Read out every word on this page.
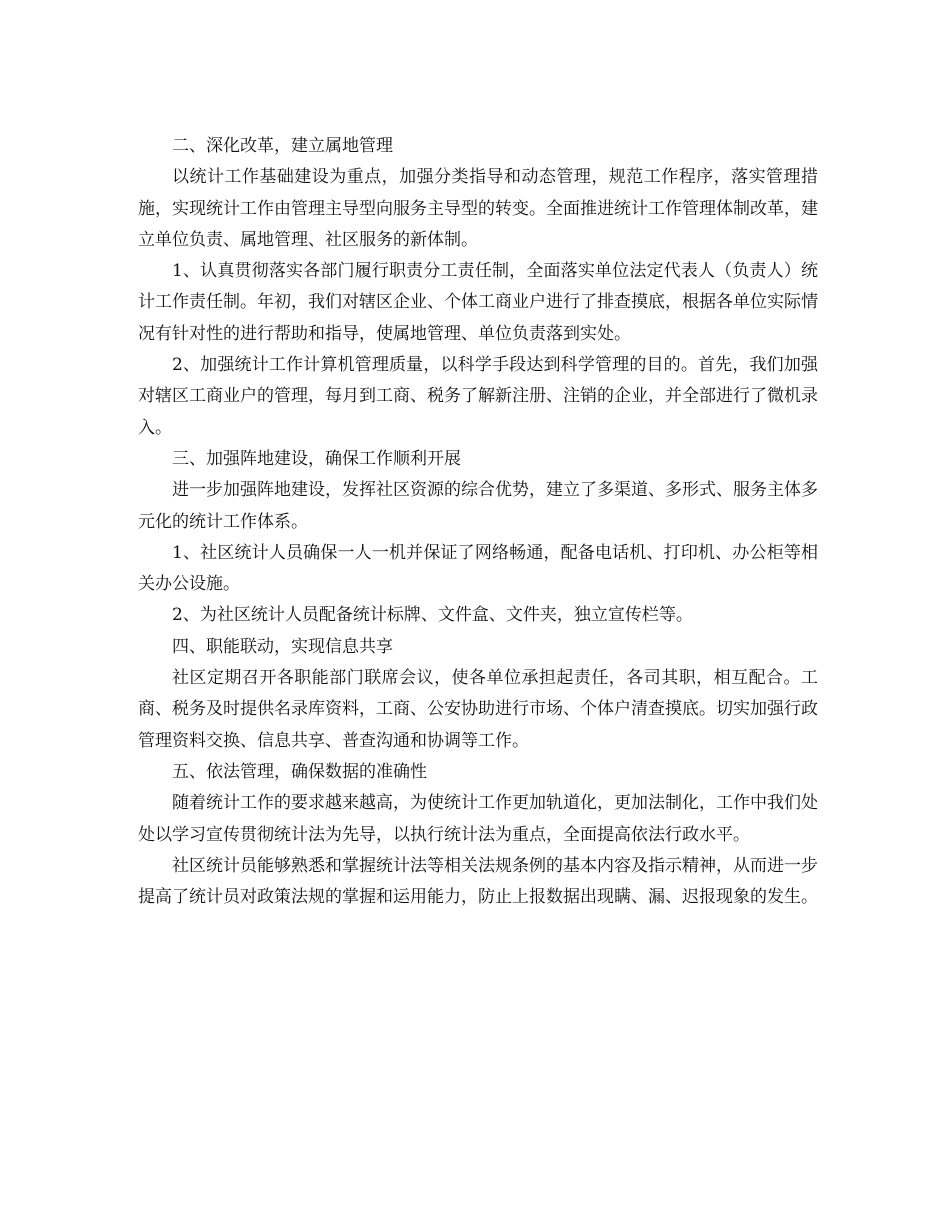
二、深化改革，建立属地管理

以统计工作基础建设为重点，加强分类指导和动态管理，规范工作程序，落实管理措施，实现统计工作由管理主导型向服务主导型的转变。全面推进统计工作管理体制改革，建立单位负责、属地管理、社区服务的新体制。

1、认真贯彻落实各部门履行职责分工责任制，全面落实单位法定代表人（负责人）统计工作责任制。年初，我们对辖区企业、个体工商业户进行了排查摸底，根据各单位实际情况有针对性的进行帮助和指导，使属地管理、单位负责落到实处。

2、加强统计工作计算机管理质量，以科学手段达到科学管理的目的。首先，我们加强对辖区工商业户的管理，每月到工商、税务了解新注册、注销的企业，并全部进行了微机录入。

三、加强阵地建设，确保工作顺利开展

进一步加强阵地建设，发挥社区资源的综合优势，建立了多渠道、多形式、服务主体多元化的统计工作体系。

1、社区统计人员确保一人一机并保证了网络畅通，配备电话机、打印机、办公柜等相关办公设施。

2、为社区统计人员配备统计标牌、文件盒、文件夹，独立宣传栏等。

四、职能联动，实现信息共享

社区定期召开各职能部门联席会议，使各单位承担起责任，各司其职，相互配合。工商、税务及时提供名录库资料，工商、公安协助进行市场、个体户清查摸底。切实加强行政管理资料交换、信息共享、普查沟通和协调等工作。

五、依法管理，确保数据的准确性

随着统计工作的要求越来越高，为使统计工作更加轨道化，更加法制化，工作中我们处处以学习宣传贯彻统计法为先导，以执行统计法为重点，全面提高依法行政水平。

社区统计员能够熟悉和掌握统计法等相关法规条例的基本内容及指示精神，从而进一步提高了统计员对政策法规的掌握和运用能力，防止上报数据出现瞒、漏、迟报现象的发生。
